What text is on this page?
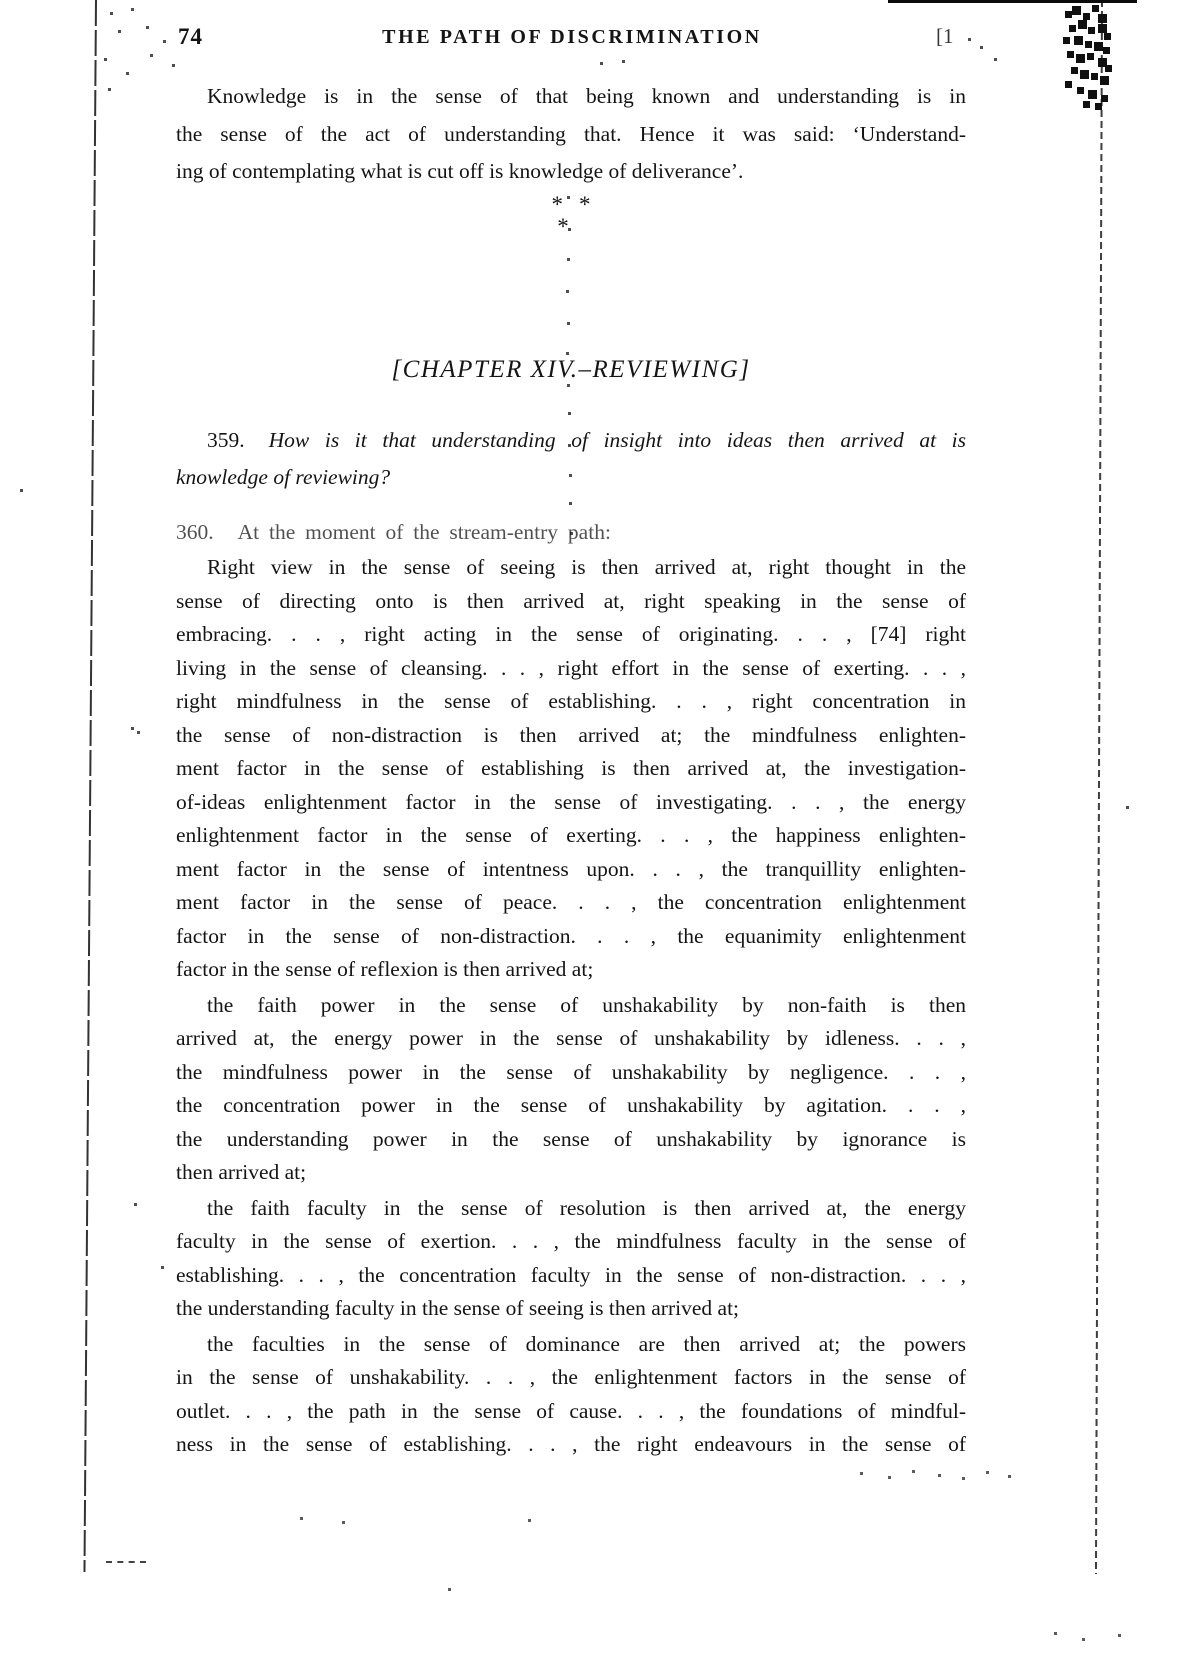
74	THE PATH OF DISCRIMINATION	[1
Knowledge is in the sense of that being known and understanding is in
the sense of the act of understanding that. Hence it was said: ‘Understand-
ing of contemplating what is cut off is knowledge of deliverance’.
* *
*
[CHAPTER XIV.–REVIEWING]
359. How is it that understanding of insight into ideas then arrived at is
knowledge of reviewing?
360. At the moment of the stream-entry path:
Right view in the sense of seeing is then arrived at, right thought in the
sense of directing onto is then arrived at, right speaking in the sense of
embracing. . . , right acting in the sense of originating. . . , [74] right
living in the sense of cleansing. . . , right effort in the sense of exerting. . . ,
right mindfulness in the sense of establishing. . . , right concentration in
the sense of non-distraction is then arrived at; the mindfulness enlighten-
ment factor in the sense of establishing is then arrived at, the investigation-
of-ideas enlightenment factor in the sense of investigating. . . , the energy
enlightenment factor in the sense of exerting. . . , the happiness enlighten-
ment factor in the sense of intentness upon. . . , the tranquillity enlighten-
ment factor in the sense of peace. . . , the concentration enlightenment
factor in the sense of non-distraction. . . , the equanimity enlightenment
factor in the sense of reflexion is then arrived at;
the faith power in the sense of unshakability by non-faith is then
arrived at, the energy power in the sense of unshakability by idleness. . . ,
the mindfulness power in the sense of unshakability by negligence. . . ,
the concentration power in the sense of unshakability by agitation. . . ,
the understanding power in the sense of unshakability by ignorance is
then arrived at;
the faith faculty in the sense of resolution is then arrived at, the energy
faculty in the sense of exertion. . . , the mindfulness faculty in the sense of
establishing. . . , the concentration faculty in the sense of non-distraction. . . ,
the understanding faculty in the sense of seeing is then arrived at;
the faculties in the sense of dominance are then arrived at; the powers
in the sense of unshakability. . . , the enlightenment factors in the sense of
outlet. . . , the path in the sense of cause. . . , the foundations of mindful-
ness in the sense of establishing. . . , the right endeavours in the sense of
